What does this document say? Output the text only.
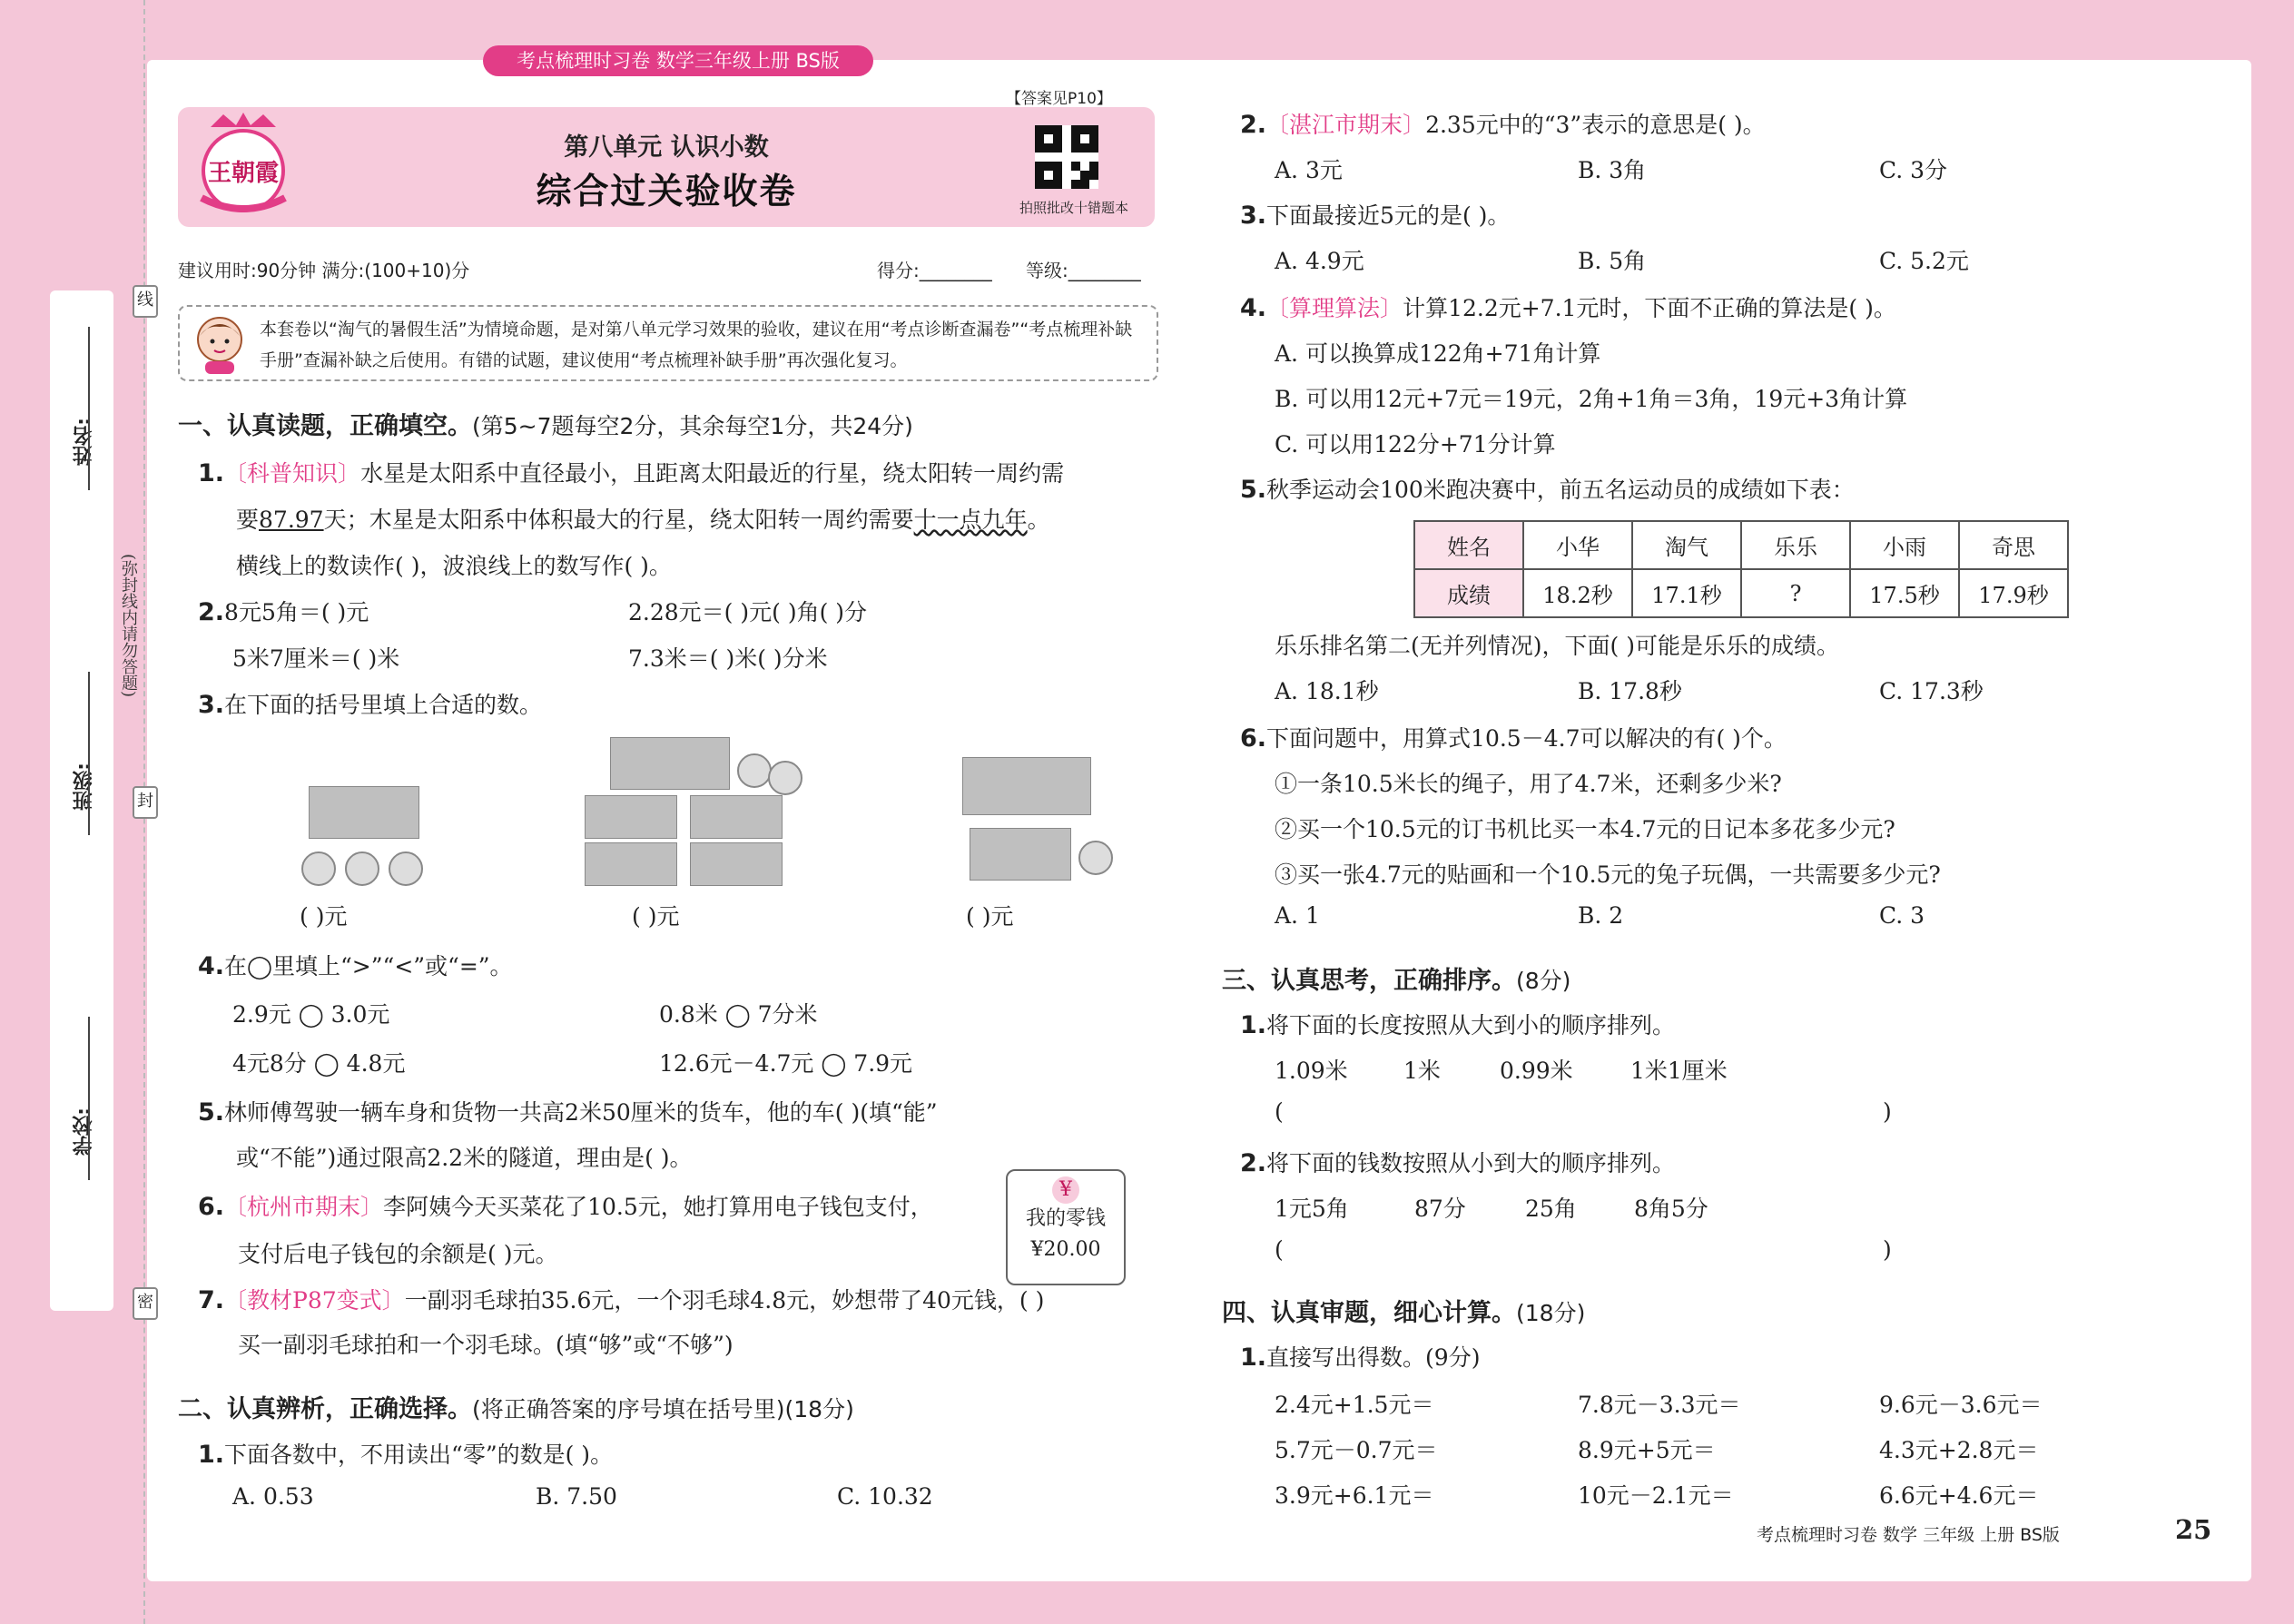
姓名:
班级:
学校:
(弥封线内请勿答题)
线
封
密
考点梳理时习卷 数学三年级上册 BS版
王朝霞
第八单元 认识小数
综合过关验收卷
【答案见P10】
拍照批改十错题本
建议用时:90分钟 满分:(100+10)分	得分:________ 等级:________
本套卷以“淘气的暑假生活”为情境命题，是对第八单元学习效果的验收，建议在用“考点诊断查漏卷”“考点梳理补缺手册”查漏补缺之后使用。有错的试题，建议使用“考点梳理补缺手册”再次强化复习。
一、认真读题，正确填空。(第5~7题每空2分，其余每空1分，共24分)
1.〔科普知识〕水星是太阳系中直径最小，且距离太阳最近的行星，绕太阳转一周约需
要87.97天；木星是太阳系中体积最大的行星，绕太阳转一周约需要十一点九年。
横线上的数读作( )，波浪线上的数写作( )。
2.8元5角＝( )元	2.28元＝( )元( )角( )分
5米7厘米＝( )米	7.3米＝( )米( )分米
3.在下面的括号里填上合适的数。
( )元	( )元	( )元
4.在◯里填上“>”“<”或“=”。
2.9元 ◯ 3.0元	0.8米 ◯ 7分米
4元8分 ◯ 4.8元	12.6元－4.7元 ◯ 7.9元
5.林师傅驾驶一辆车身和货物一共高2米50厘米的货车，他的车( )(填“能”
或“不能”)通过限高2.2米的隧道，理由是( )。
6.〔杭州市期末〕李阿姨今天买菜花了10.5元，她打算用电子钱包支付，
支付后电子钱包的余额是( )元。
¥
我的零钱
¥20.00
7.〔教材P87变式〕一副羽毛球拍35.6元，一个羽毛球4.8元，妙想带了40元钱，( )
买一副羽毛球拍和一个羽毛球。(填“够”或“不够”)
二、认真辨析，正确选择。(将正确答案的序号填在括号里)(18分)
1.下面各数中，不用读出“零”的数是( )。
A. 0.53	B. 7.50	C. 10.32
2.〔湛江市期末〕2.35元中的“3”表示的意思是( )。
A. 3元	B. 3角	C. 3分
3.下面最接近5元的是( )。
A. 4.9元	B. 5角	C. 5.2元
4.〔算理算法〕计算12.2元+7.1元时，下面不正确的算法是( )。
A. 可以换算成122角+71角计算
B. 可以用12元+7元＝19元，2角+1角＝3角，19元+3角计算
C. 可以用122分+71分计算
5.秋季运动会100米跑决赛中，前五名运动员的成绩如下表：
姓名	小华	淘气	乐乐	小雨	奇思
成绩	18.2秒	17.1秒	?	17.5秒	17.9秒
乐乐排名第二(无并列情况)，下面( )可能是乐乐的成绩。
A. 18.1秒	B. 17.8秒	C. 17.3秒
6.下面问题中，用算式10.5－4.7可以解决的有( )个。
①一条10.5米长的绳子，用了4.7米，还剩多少米?
②买一个10.5元的订书机比买一本4.7元的日记本多花多少元?
③买一张4.7元的贴画和一个10.5元的兔子玩偶，一共需要多少元?
A. 1	B. 2	C. 3
三、认真思考，正确排序。(8分)
1.将下面的长度按照从大到小的顺序排列。
1.09米 1米	0.99米	1米1厘米
(	)
2.将下面的钱数按照从小到大的顺序排列。
1元5角	87分	25角	8角5分
(	)
四、认真审题，细心计算。(18分)
1.直接写出得数。(9分)
2.4元+1.5元＝	7.8元－3.3元＝	9.6元－3.6元＝
5.7元－0.7元＝	8.9元+5元＝	4.3元+2.8元＝
3.9元+6.1元＝	10元－2.1元＝	6.6元+4.6元＝
考点梳理时习卷 数学 三年级 上册 BS版	25
